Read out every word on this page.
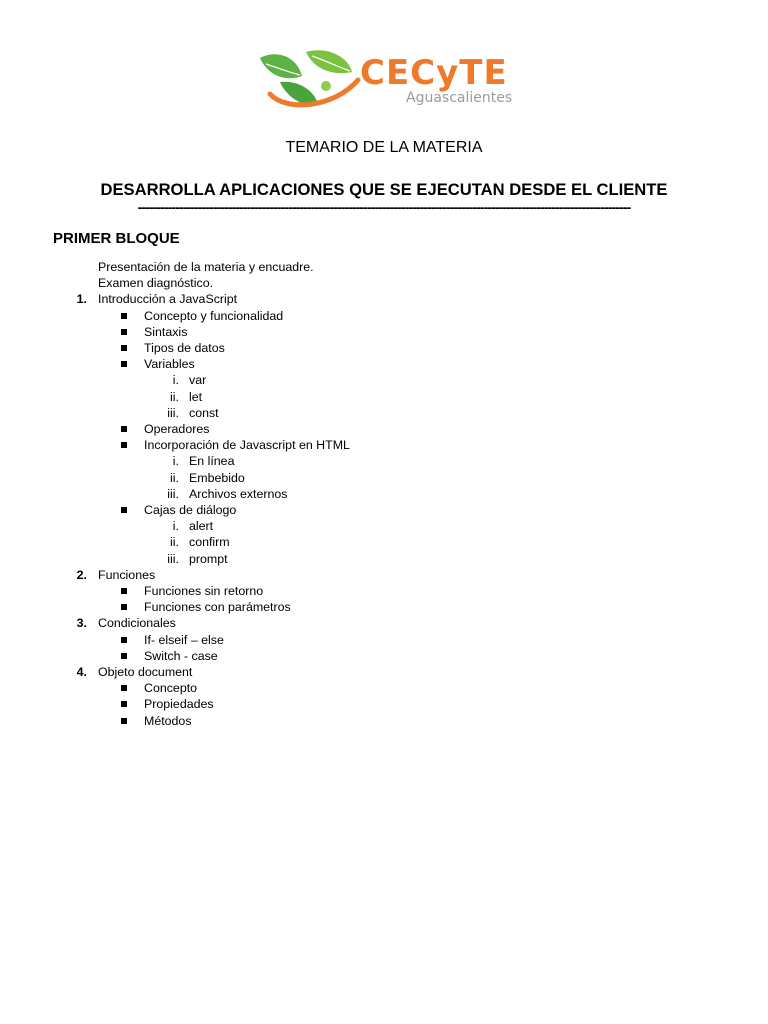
CECyTE
Aguascalientes
TEMARIO DE LA MATERIA
DESARROLLA APLICACIONES QUE SE EJECUTAN DESDE EL CLIENTE
-----------------------------------------------------------------------------------------------------------------------------------
PRIMER BLOQUE
Presentación de la materia y encuadre.
Examen diagnóstico.
1. Introducción a JavaScript
Concepto y funcionalidad
Sintaxis
Tipos de datos
Variables
i. var
ii. let
iii. const
Operadores
Incorporación de Javascript en HTML
i. En línea
ii. Embebido
iii. Archivos externos
Cajas de diálogo
i. alert
ii. confirm
iii. prompt
2. Funciones
Funciones sin retorno
Funciones con parámetros
3. Condicionales
If- elseif – else
Switch - case
4. Objeto document
Concepto
Propiedades
Métodos
